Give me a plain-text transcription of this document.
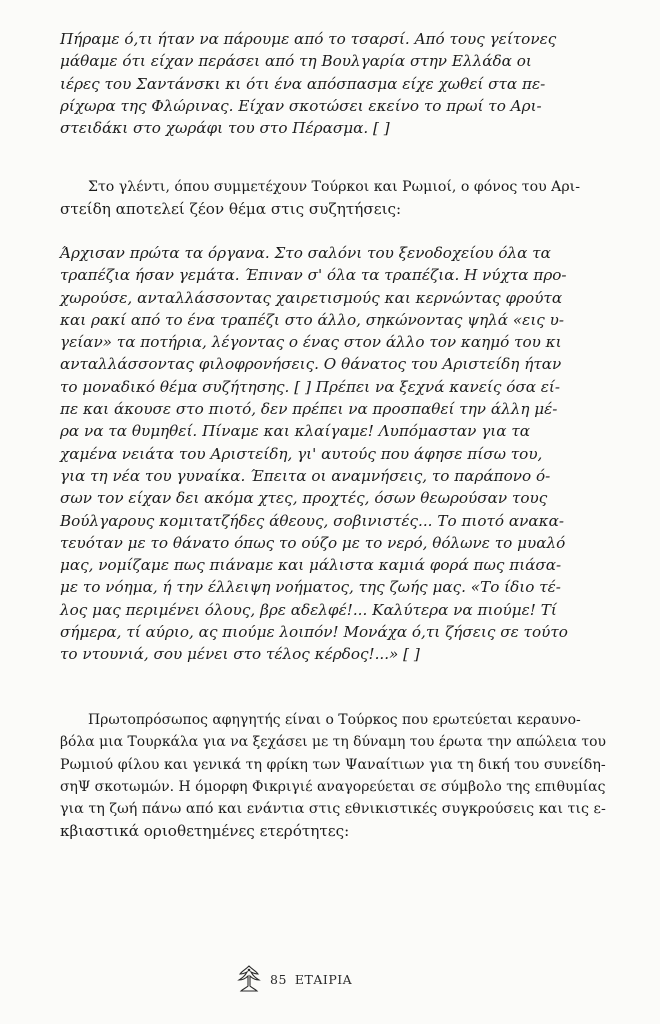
Πήραμε ό,τι ήταν να πάρουμε από το τσαρσί. Από τους γείτονες
μάθαμε ότι είχαν περάσει από τη Βουλγαρία στην Ελλάδα οι
ιέρες του Σαντάνσκι κι ότι ένα απόσπασμα είχε χωθεί στα πε-
ρίχωρα της Φλώρινας. Είχαν σκοτώσει εκείνο το πρωί το Αρι-
στειδάκι στο χωράφι του στο Πέρασμα. [ ]
Στο γλέντι, όπου συμμετέχουν Τούρκοι και Ρωμιοί, ο φόνος του Αρι-
στείδη αποτελεί ζέον θέμα στις συζητήσεις:
Άρχισαν πρώτα τα όργανα. Στο σαλόνι του ξενοδοχείου όλα τα
τραπέζια ήσαν γεμάτα. Έπιναν σ' όλα τα τραπέζια. Η νύχτα προ-
χωρούσε, ανταλλάσσοντας χαιρετισμούς και κερνώντας φρούτα
και ρακί από το ένα τραπέζι στο άλλο, σηκώνοντας ψηλά «εις υ-
γείαν» τα ποτήρια, λέγοντας ο ένας στον άλλο τον καημό του κι
ανταλλάσσοντας φιλοφρονήσεις. Ο θάνατος του Αριστείδη ήταν
το μοναδικό θέμα συζήτησης. [ ] Πρέπει να ξεχνά κανείς όσα εί-
πε και άκουσε στο πιοτό, δεν πρέπει να προσπαθεί την άλλη μέ-
ρα να τα θυμηθεί. Πίναμε και κλαίγαμε! Λυπόμασταν για τα
χαμένα νειάτα του Αριστείδη, γι' αυτούς που άφησε πίσω του,
για τη νέα του γυναίκα. Έπειτα οι αναμνήσεις, το παράπονο ό-
σων τον είχαν δει ακόμα χτες, προχτές, όσων θεωρούσαν τους
Βούλγαρους κομιτατζήδες άθεους, σοβινιστές... Το πιοτό ανακα-
τευόταν με το θάνατο όπως το ούζο με το νερό, θόλωνε το μυαλό
μας, νομίζαμε πως πιάναμε και μάλιστα καμιά φορά πως πιάσα-
με το νόημα, ή την έλλειψη νοήματος, της ζωής μας. «Το ίδιο τέ-
λος μας περιμένει όλους, βρε αδελφέ!... Καλύτερα να πιούμε! Τί
σήμερα, τί αύριο, ας πιούμε λοιπόν! Μονάχα ό,τι ζήσεις σε τούτο
το ντουνιά, σου μένει στο τέλος κέρδος!...» [ ]
Πρωτοπρόσωπος αφηγητής είναι ο Τούρκος που ερωτεύεται κεραυνο-
βόλα μια Τουρκάλα για να ξεχάσει με τη δύναμη του έρωτα την απώλεια του
Ρωμιού φίλου και γενικά τη φρίκη των Ψαναίτιων για τη δική του συνείδη-
σηΨ σκοτωμών. Η όμορφη Φικριγιέ αναγορεύεται σε σύμβολο της επιθυμίας
για τη ζωή πάνω από και ενάντια στις εθνικιστικές συγκρούσεις και τις ε-
κβιαστικά οριοθετημένες ετερότητες:
85 ΕΤΑΙΡΙΑ
